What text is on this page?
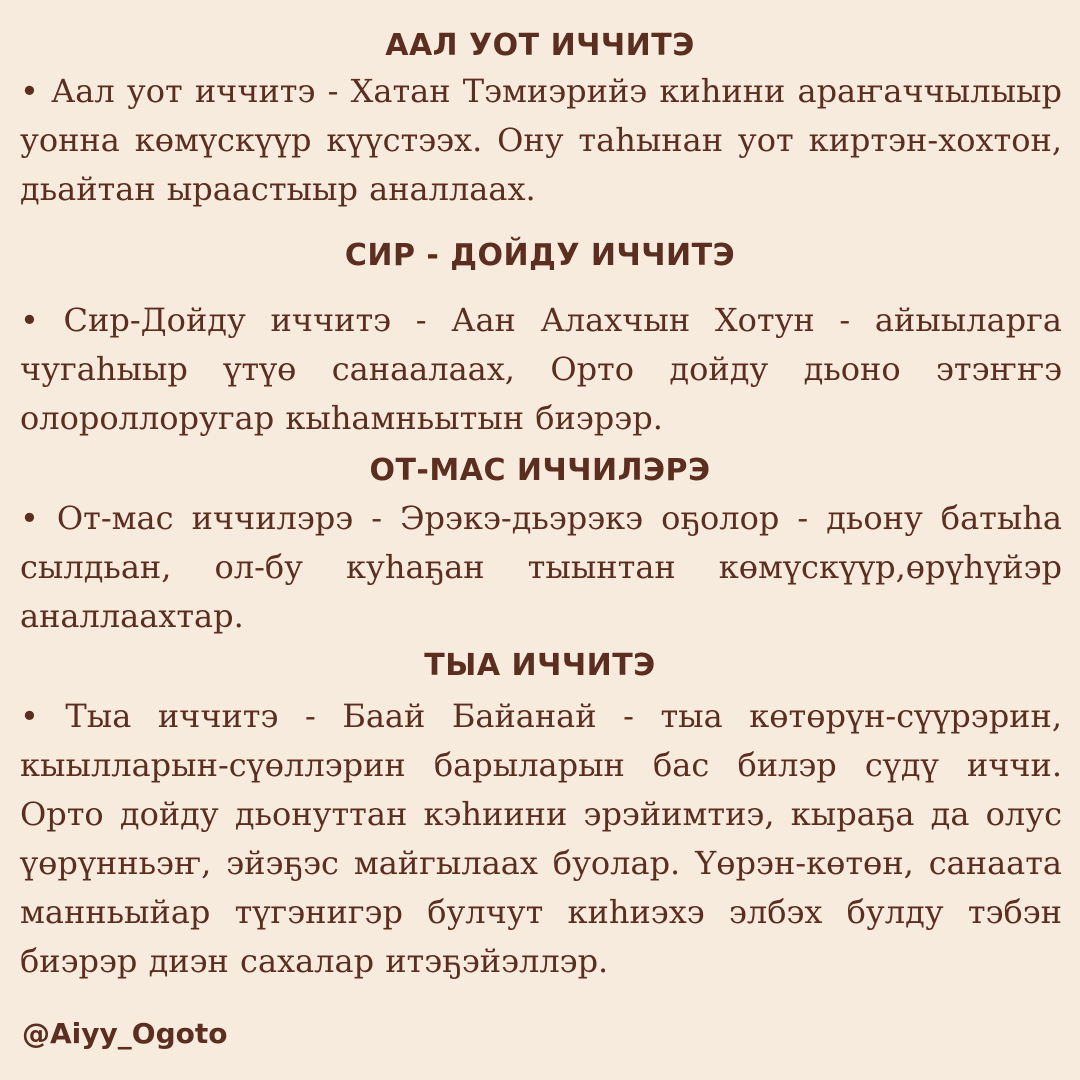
ААЛ УОТ ИЧЧИТЭ
• Аал уот иччитэ - Хатан Тэмиэрийэ киһини араҥаччылыыр уонна көмүскүүр күүстээх. Ону таһынан уот киртэн-хохтон, дьайтан ыраастыыр аналлаах.
СИР - ДОЙДУ ИЧЧИТЭ
• Сир-Дойду иччитэ - Аан Алахчын Хотун - айыыларга чугаһыыр үтүө санаалаах, Орто дойду дьоно этэҥҥэ олороллоругар кыһамньытын биэрэр.
ОТ-МАС ИЧЧИЛЭРЭ
• От-мас иччилэрэ - Эрэкэ-дьэрэкэ оҕолор - дьону батыһа сылдьан, ол-бу куһаҕан тыынтан көмүскүүр,өрүһүйэр аналлаахтар.
ТЫА ИЧЧИТЭ
• Тыа иччитэ - Баай Байанай - тыа көтөрүн-сүүрэрин, кыылларын-сүөллэрин барыларын бас билэр сүдү иччи. Орто дойду дьонуттан кэһиини эрэйимтиэ, кыраҕа да олус үөрүнньэҥ, эйэҕэс майгылаах буолар. Үөрэн-көтөн, санаата манньыйар түгэнигэр булчут киһиэхэ элбэх булду тэбэн биэрэр диэн сахалар итэҕэйэллэр.
@Aiyy_Ogoto
